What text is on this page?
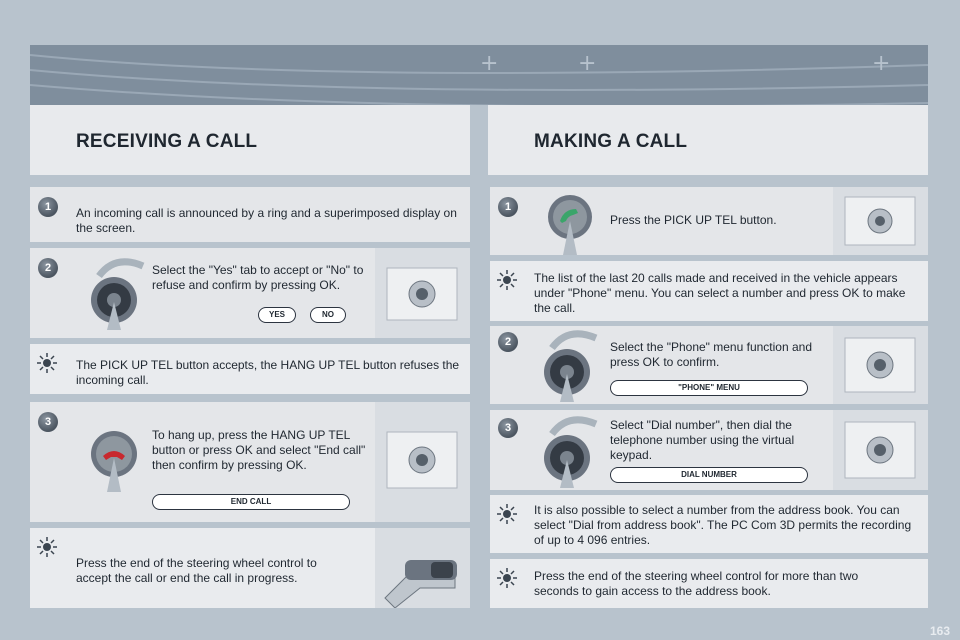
+	+	+
RECEIVING A CALL	MAKING A CALL
1	An incoming call is announced by a ring and a superimposed display on the screen.
2	Select the "Yes" tab to accept or "No" to refuse and confirm by pressing OK.
YES	NO
The PICK UP TEL button accepts, the HANG UP TEL button refuses the incoming call.
3
To hang up, press the HANG UP TEL button or press OK and select "End call" then confirm by pressing OK.
END CALL
Press the end of the steering wheel control to accept the call or end the call in progress.
1
Press the PICK UP TEL button.
The list of the last 20 calls made and received in the vehicle appears under "Phone" menu. You can select a number and press OK to make the call.
2	Select the "Phone" menu function and press OK to confirm.
"PHONE" MENU
3	Select "Dial number", then dial the telephone number using the virtual keypad.
DIAL NUMBER
It is also possible to select a number from the address book. You can select "Dial from address book". The PC Com 3D permits the recording of up to 4 096 entries.
Press the end of the steering wheel control for more than two seconds to gain access to the address book.
163
